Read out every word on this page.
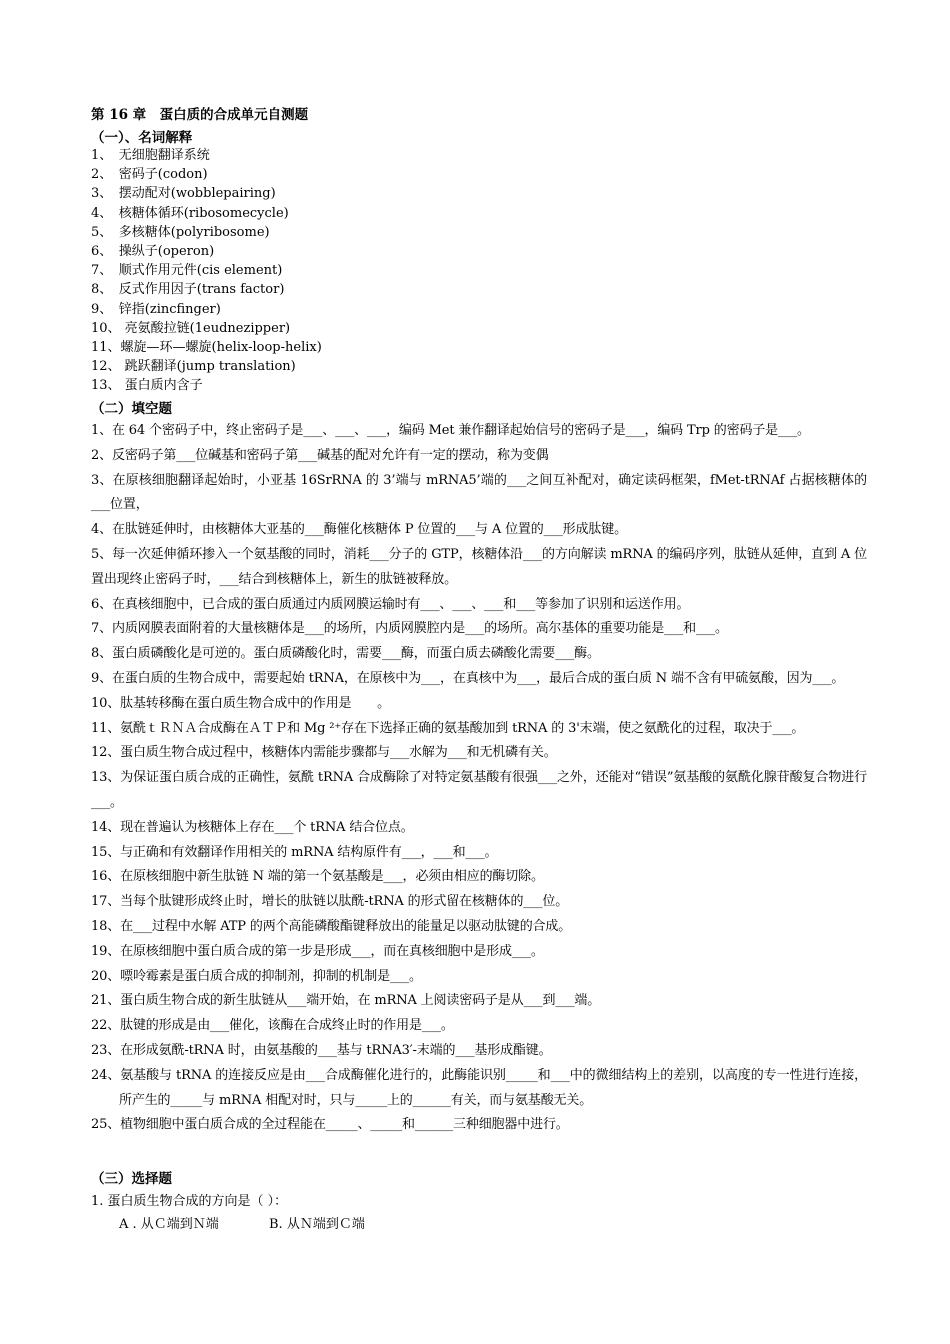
第 16 章　蛋白质的合成单元自测题
（一）、名词解释
1、　无细胞翻译系统
2、　密码子(codon)
3、　摆动配对(wobblepairing)
4、　核糖体循环(ribosomecycle)
5、　多核糖体(polyribosome)
6、　操纵子(operon)
7、　顺式作用元件(cis element)
8、　反式作用因子(trans factor)
9、　锌指(zincfinger)
10、 亮氨酸拉链(1eudnezipper)
11、螺旋—环—螺旋(helix-loop-helix)
12、 跳跃翻译(jump translation)
13、 蛋白质内含子
（二）填空题
1、在 64 个密码子中，终止密码子是___、___、___，编码 Met 兼作翻译起始信号的密码子是___，编码 Trp 的密码子是___。
2、反密码子第___位碱基和密码子第___碱基的配对允许有一定的摆动，称为变偶
3、在原核细胞翻译起始时，小亚基 16SrRNA 的 3’端与 mRNA5’端的___之间互补配对，确定读码框架，fMet-tRNAf 占据核糖体的___位置，
4、在肽链延伸时，由核糖体大亚基的___酶催化核糖体 P 位置的___与 A 位置的___形成肽键。
5、每一次延伸循环掺入一个氨基酸的同时，消耗___分子的 GTP，核糖体沿___的方向解读 mRNA 的编码序列，肽链从延伸，直到 A 位置出现终止密码子时，___结合到核糖体上，新生的肽链被释放。
6、在真核细胞中，已合成的蛋白质通过内质网膜运输时有___、___、___和___等参加了识别和运送作用。
7、内质网膜表面附着的大量核糖体是___的场所，内质网膜腔内是___的场所。高尔基体的重要功能是___和___。
8、蛋白质磷酸化是可逆的。蛋白质磷酸化时，需要___酶，而蛋白质去磷酸化需要___酶。
9、在蛋白质的生物合成中，需要起始 tRNA，在原核中为___，在真核中为___，最后合成的蛋白质 N 端不含有甲硫氨酸，因为___。
10、肽基转移酶在蛋白质生物合成中的作用是　　。
11、氨酰ｔＲＮＡ合成酶在ＡＴＰ和 Mg ²⁺存在下选择正确的氨基酸加到 tRNA 的 3'末端，使之氨酰化的过程，取决于___。
12、蛋白质生物合成过程中，核糖体内需能步骤都与___水解为___和无机磷有关。
13、为保证蛋白质合成的正确性，氨酰 tRNA 合成酶除了对特定氨基酸有很强___之外，还能对“错误”氨基酸的氨酰化腺苷酸复合物进行___。
14、现在普遍认为核糖体上存在___个 tRNA 结合位点。
15、与正确和有效翻译作用相关的 mRNA 结构原件有___，___和___。
16、在原核细胞中新生肽链 N 端的第一个氨基酸是___，必须由相应的酶切除。
17、当每个肽键形成终止时，增长的肽链以肽酰-tRNA 的形式留在核糖体的___位。
18、在___过程中水解 ATP 的两个高能磷酸酯键释放出的能量足以驱动肽键的合成。
19、在原核细胞中蛋白质合成的第一步是形成___，而在真核细胞中是形成___。
20、嘌呤霉素是蛋白质合成的抑制剂，抑制的机制是___。
21、蛋白质生物合成的新生肽链从___端开始，在 mRNA 上阅读密码子是从___到___端。
22、肽键的形成是由___催化，该酶在合成终止时的作用是___。
23、在形成氨酰-tRNA 时，由氨基酸的___基与 tRNA3′-末端的___基形成酯键。
24、氨基酸与 tRNA 的连接反应是由___合成酶催化进行的，此酶能识别_____和___中的微细结构上的差别，以高度的专一性进行连接，所产生的_____与 mRNA 相配对时，只与_____上的______有关，而与氨基酸无关。
25、植物细胞中蛋白质合成的全过程能在_____、_____和______三种细胞器中进行。
（三）选择题
1. 蛋白质生物合成的方向是（ ）：
A . 从Ｃ端到Ｎ端	B. 从Ｎ端到Ｃ端
